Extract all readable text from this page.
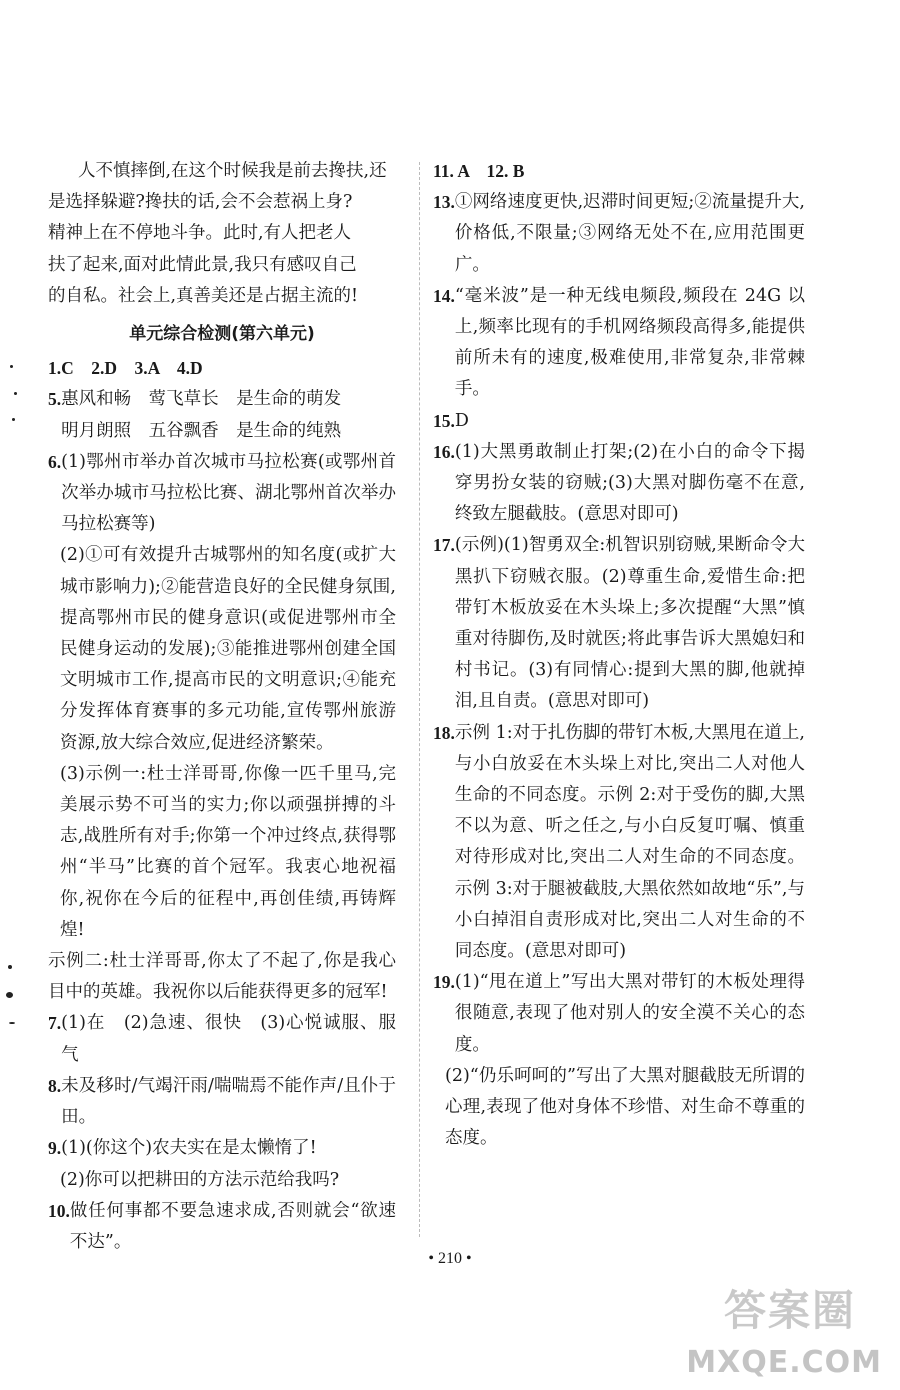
人不慎摔倒,在这个时候我是前去搀扶,还

是选择躲避?搀扶的话,会不会惹祸上身?

精神上在不停地斗争。此时,有人把老人

扶了起来,面对此情此景,我只有感叹自己

的自私。社会上,真善美还是占据主流的!

单元综合检测(第六单元)

1.C　2.D　3.A　4.D

5. 惠风和畅　莺飞草长　是生命的萌发
明月朗照　五谷飘香　是生命的纯熟
6. (1)鄂州市举办首次城市马拉松赛(或鄂州首次举办城市马拉松比赛、湖北鄂州首次举办马拉松赛等)

(2)①可有效提升古城鄂州的知名度(或扩大城市影响力);②能营造良好的全民健身氛围,提高鄂州市民的健身意识(或促进鄂州市全民健身运动的发展);③能推进鄂州创建全国文明城市工作,提高市民的文明意识;④能充分发挥体育赛事的多元功能,宣传鄂州旅游资源,放大综合效应,促进经济繁荣。

(3)示例一:杜士洋哥哥,你像一匹千里马,完美展示势不可当的实力;你以顽强拼搏的斗志,战胜所有对手;你第一个冲过终点,获得鄂州“半马”比赛的首个冠军。我衷心地祝福你,祝你在今后的征程中,再创佳绩,再铸辉煌!

示例二:杜士洋哥哥,你太了不起了,你是我心目中的英雄。我祝你以后能获得更多的冠军!

7. (1)在　(2)急速、很快　(3)心悦诚服、服气
8. 未及移时/气竭汗雨/喘喘焉不能作声/且仆于田。
9. (1)(你这个)农夫实在是太懒惰了!

(2)你可以把耕田的方法示范给我吗?

10. 做任何事都不要急速求成,否则就会“欲速不达”。

11. A　12. B

13. ①网络速度更快,迟滞时间更短;②流量提升大,价格低,不限量;③网络无处不在,应用范围更广。
14. “毫米波”是一种无线电频段,频段在 24G 以上,频率比现有的手机网络频段高得多,能提供前所未有的速度,极难使用,非常复杂,非常棘手。
15. D
16. (1)大黑勇敢制止打架;(2)在小白的命令下揭穿男扮女装的窃贼;(3)大黑对脚伤毫不在意,终致左腿截肢。(意思对即可)
17. (示例)(1)智勇双全:机智识别窃贼,果断命令大黑扒下窃贼衣服。(2)尊重生命,爱惜生命:把带钉木板放妥在木头垛上;多次提醒“大黑”慎重对待脚伤,及时就医;将此事告诉大黑媳妇和村书记。(3)有同情心:提到大黑的脚,他就掉泪,且自责。(意思对即可)
18. 示例 1:对于扎伤脚的带钉木板,大黑甩在道上,与小白放妥在木头垛上对比,突出二人对他人生命的不同态度。示例 2:对于受伤的脚,大黑不以为意、听之任之,与小白反复叮嘱、慎重对待形成对比,突出二人对生命的不同态度。示例 3:对于腿被截肢,大黑依然如故地“乐”,与小白掉泪自责形成对比,突出二人对生命的不同态度。(意思对即可)
19. (1)“甩在道上”写出大黑对带钉的木板处理得很随意,表现了他对别人的安全漠不关心的态度。

(2)“仍乐呵呵的”写出了大黑对腿截肢无所谓的心理,表现了他对身体不珍惜、对生命不尊重的态度。

• 210 •
答案圈
MXQE.COM
